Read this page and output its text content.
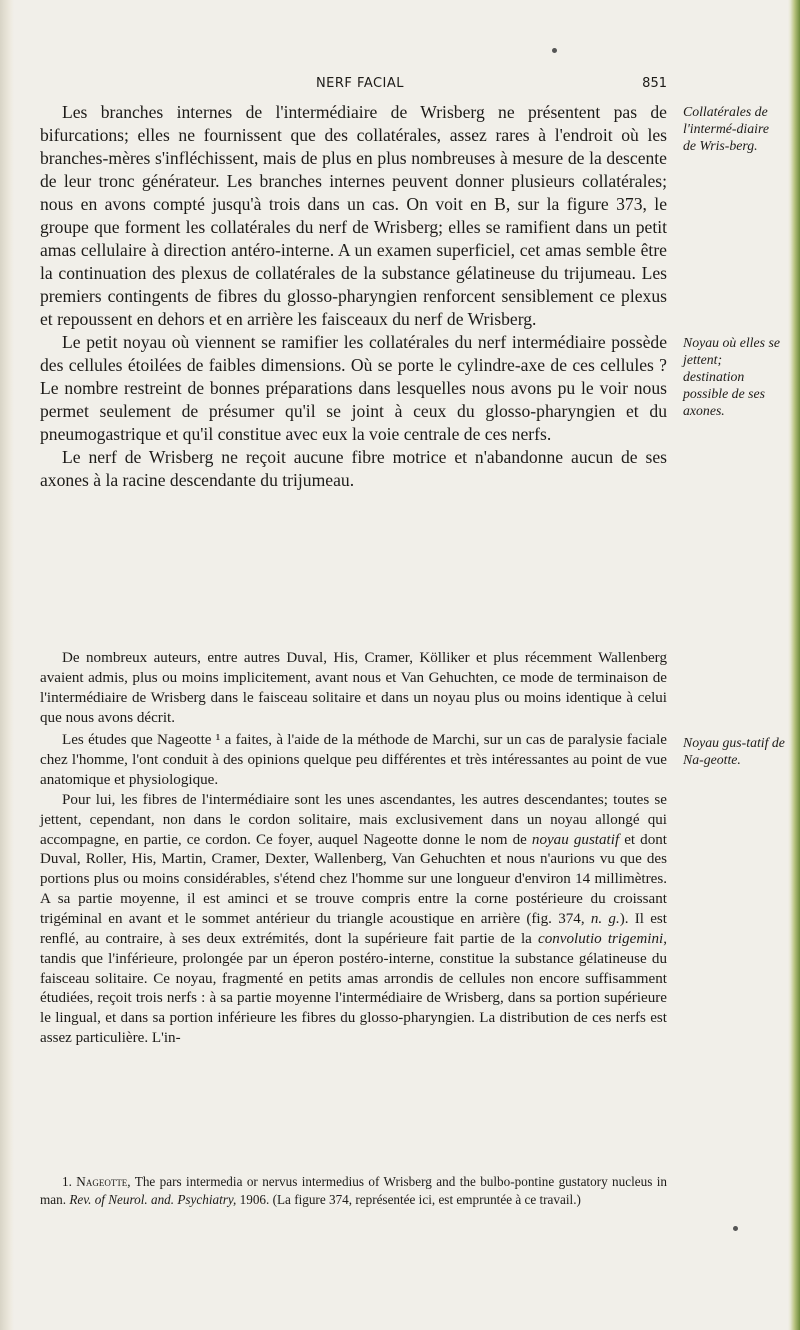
NERF FACIAL	851

Les branches internes de l'intermédiaire de Wrisberg ne présentent pas de bifurcations; elles ne fournissent que des collatérales, assez rares à l'endroit où les branches-mères s'infléchissent, mais de plus en plus nombreuses à mesure de la descente de leur tronc générateur. Les branches internes peuvent donner plusieurs collatérales; nous en avons compté jusqu'à trois dans un cas. On voit en B, sur la figure 373, le groupe que forment les collatérales du nerf de Wrisberg; elles se ramifient dans un petit amas cellulaire à direction antéro-interne. A un examen superficiel, cet amas semble être la continuation des plexus de collatérales de la substance gélatineuse du trijumeau. Les premiers contingents de fibres du glosso-pharyngien renforcent sensiblement ce plexus et repoussent en dehors et en arrière les faisceaux du nerf de Wrisberg.

Le petit noyau où viennent se ramifier les collatérales du nerf intermédiaire possède des cellules étoilées de faibles dimensions. Où se porte le cylindre-axe de ces cellules ? Le nombre restreint de bonnes préparations dans lesquelles nous avons pu le voir nous permet seulement de présumer qu'il se joint à ceux du glosso-pharyngien et du pneumogastrique et qu'il constitue avec eux la voie centrale de ces nerfs.

Le nerf de Wrisberg ne reçoit aucune fibre motrice et n'abandonne aucun de ses axones à la racine descendante du trijumeau.

De nombreux auteurs, entre autres Duval, His, Cramer, Kölliker et plus récemment Wallenberg avaient admis, plus ou moins implicitement, avant nous et Van Gehuchten, ce mode de terminaison de l'intermédiaire de Wrisberg dans le faisceau solitaire et dans un noyau plus ou moins identique à celui que nous avons décrit.

Les études que Nageotte ¹ a faites, à l'aide de la méthode de Marchi, sur un cas de paralysie faciale chez l'homme, l'ont conduit à des opinions quelque peu différentes et très intéressantes au point de vue anatomique et physiologique.

Pour lui, les fibres de l'intermédiaire sont les unes ascendantes, les autres descendantes; toutes se jettent, cependant, non dans le cordon solitaire, mais exclusivement dans un noyau allongé qui accompagne, en partie, ce cordon. Ce foyer, auquel Nageotte donne le nom de noyau gustatif et dont Duval, Roller, His, Martin, Cramer, Dexter, Wallenberg, Van Gehuchten et nous n'aurions vu que des portions plus ou moins considérables, s'étend chez l'homme sur une longueur d'environ 14 millimètres. A sa partie moyenne, il est aminci et se trouve compris entre la corne postérieure du croissant trigéminal en avant et le sommet antérieur du triangle acoustique en arrière (fig. 374, n. g.). Il est renflé, au contraire, à ses deux extrémités, dont la supérieure fait partie de la convolutio trigemini, tandis que l'inférieure, prolongée par un éperon postéro-interne, constitue la substance gélatineuse du faisceau solitaire. Ce noyau, fragmenté en petits amas arrondis de cellules non encore suffisamment étudiées, reçoit trois nerfs : à sa partie moyenne l'intermédiaire de Wrisberg, dans sa portion supérieure le lingual, et dans sa portion inférieure les fibres du glosso-pharyngien. La distribution de ces nerfs est assez particulière. L'in-

1. Nageotte, The pars intermedia or nervus intermedius of Wrisberg and the bulbo-pontine gustatory nucleus in man. Rev. of Neurol. and. Psychiatry, 1906. (La figure 374, représentée ici, est empruntée à ce travail.)

Collatérales de l'intermé-diaire de Wris-berg.
Noyau où elles se jettent; destination possible de ses axones.
Noyau gus-tatif de Na-geotte.
